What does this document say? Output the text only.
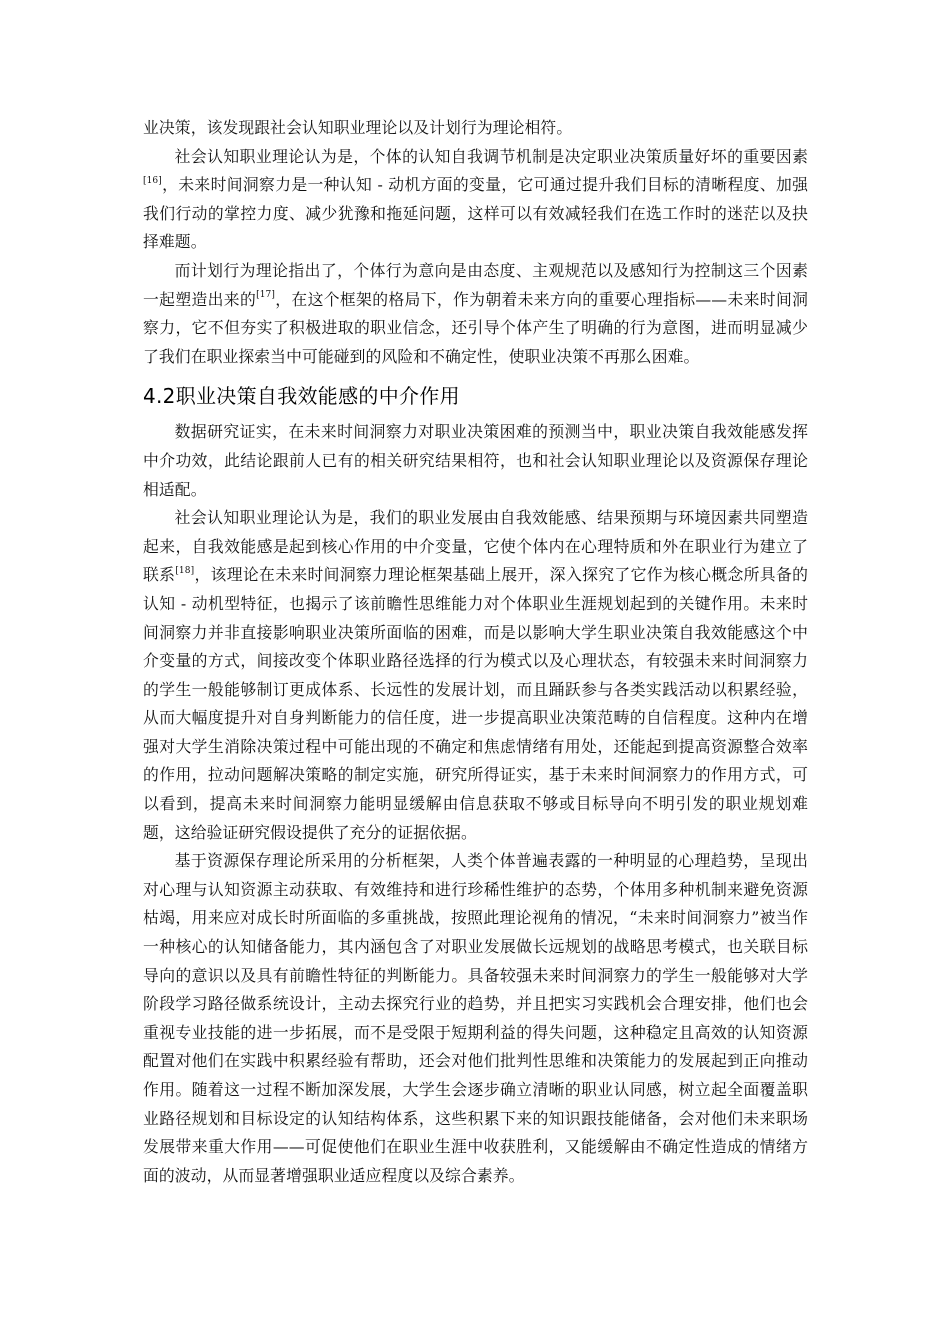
业决策，该发现跟社会认知职业理论以及计划行为理论相符。

社会认知职业理论认为是，个体的认知自我调节机制是决定职业决策质量好坏的重要因素[16]，未来时间洞察力是一种认知 - 动机方面的变量，它可通过提升我们目标的清晰程度、加强我们行动的掌控力度、减少犹豫和拖延问题，这样可以有效减轻我们在选工作时的迷茫以及抉择难题。

而计划行为理论指出了，个体行为意向是由态度、主观规范以及感知行为控制这三个因素一起塑造出来的[17]，在这个框架的格局下，作为朝着未来方向的重要心理指标——未来时间洞察力，它不但夯实了积极进取的职业信念，还引导个体产生了明确的行为意图，进而明显减少了我们在职业探索当中可能碰到的风险和不确定性，使职业决策不再那么困难。

4.2职业决策自我效能感的中介作用

数据研究证实，在未来时间洞察力对职业决策困难的预测当中，职业决策自我效能感发挥中介功效，此结论跟前人已有的相关研究结果相符，也和社会认知职业理论以及资源保存理论相适配。

社会认知职业理论认为是，我们的职业发展由自我效能感、结果预期与环境因素共同塑造起来，自我效能感是起到核心作用的中介变量，它使个体内在心理特质和外在职业行为建立了联系[18]，该理论在未来时间洞察力理论框架基础上展开，深入探究了它作为核心概念所具备的认知 - 动机型特征，也揭示了该前瞻性思维能力对个体职业生涯规划起到的关键作用。未来时间洞察力并非直接影响职业决策所面临的困难，而是以影响大学生职业决策自我效能感这个中介变量的方式，间接改变个体职业路径选择的行为模式以及心理状态，有较强未来时间洞察力的学生一般能够制订更成体系、长远性的发展计划，而且踊跃参与各类实践活动以积累经验，从而大幅度提升对自身判断能力的信任度，进一步提高职业决策范畴的自信程度。这种内在增强对大学生消除决策过程中可能出现的不确定和焦虑情绪有用处，还能起到提高资源整合效率的作用，拉动问题解决策略的制定实施，研究所得证实，基于未来时间洞察力的作用方式，可以看到，提高未来时间洞察力能明显缓解由信息获取不够或目标导向不明引发的职业规划难题，这给验证研究假设提供了充分的证据依据。

基于资源保存理论所采用的分析框架，人类个体普遍表露的一种明显的心理趋势，呈现出对心理与认知资源主动获取、有效维持和进行珍稀性维护的态势，个体用多种机制来避免资源枯竭，用来应对成长时所面临的多重挑战，按照此理论视角的情况，“未来时间洞察力”被当作一种核心的认知储备能力，其内涵包含了对职业发展做长远规划的战略思考模式，也关联目标导向的意识以及具有前瞻性特征的判断能力。具备较强未来时间洞察力的学生一般能够对大学阶段学习路径做系统设计，主动去探究行业的趋势，并且把实习实践机会合理安排，他们也会重视专业技能的进一步拓展，而不是受限于短期利益的得失问题，这种稳定且高效的认知资源配置对他们在实践中积累经验有帮助，还会对他们批判性思维和决策能力的发展起到正向推动作用。随着这一过程不断加深发展，大学生会逐步确立清晰的职业认同感，树立起全面覆盖职业路径规划和目标设定的认知结构体系，这些积累下来的知识跟技能储备，会对他们未来职场发展带来重大作用——可促使他们在职业生涯中收获胜利，又能缓解由不确定性造成的情绪方面的波动，从而显著增强职业适应程度以及综合素养。
